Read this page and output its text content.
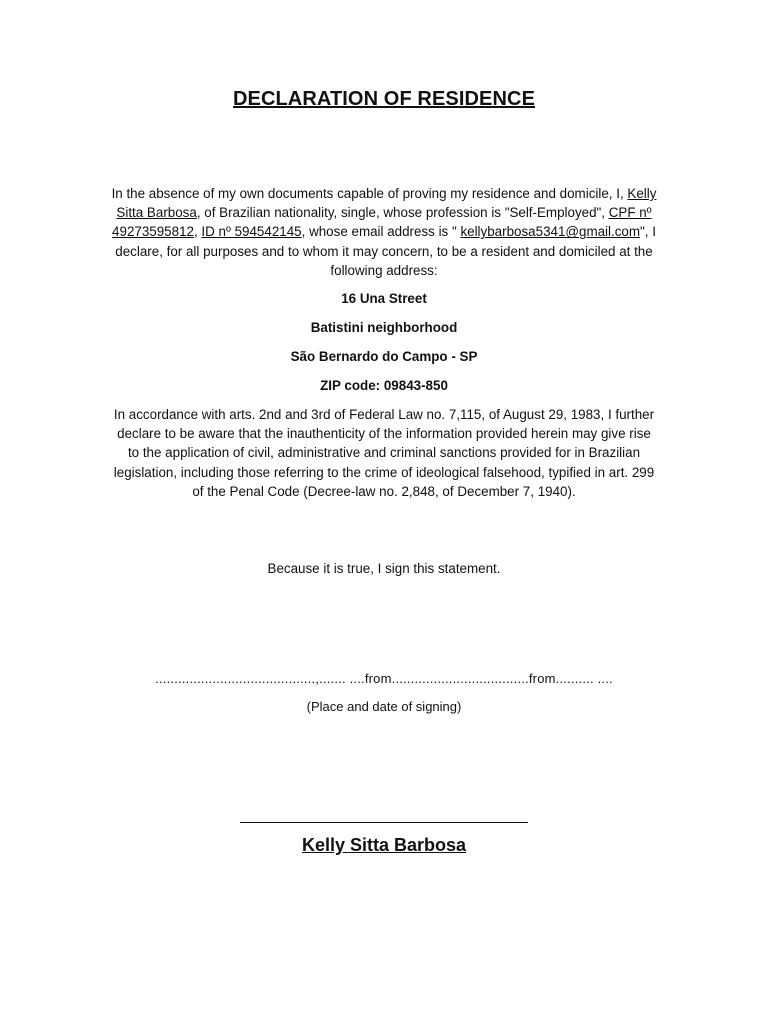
DECLARATION OF RESIDENCE
In the absence of my own documents capable of proving my residence and domicile, I, Kelly Sitta Barbosa, of Brazilian nationality, single, whose profession is "Self-Employed", CPF nº 49273595812, ID nº 594542145, whose email address is " kellybarbosa5341@gmail.com", I declare, for all purposes and to whom it may concern, to be a resident and domiciled at the following address:
16 Una Street
Batistini neighborhood
São Bernardo do Campo - SP
ZIP code: 09843-850
In accordance with arts. 2nd and 3rd of Federal Law no. 7,115, of August 29, 1983, I further declare to be aware that the inauthenticity of the information provided herein may give rise to the application of civil, administrative and criminal sanctions provided for in Brazilian legislation, including those referring to the crime of ideological falsehood, typified in art. 299 of the Penal Code (Decree-law no. 2,848, of December 7, 1940).
Because it is true, I sign this statement.
..........................................,....... ....from....................................from.......... ....
(Place and date of signing)
Kelly Sitta Barbosa
